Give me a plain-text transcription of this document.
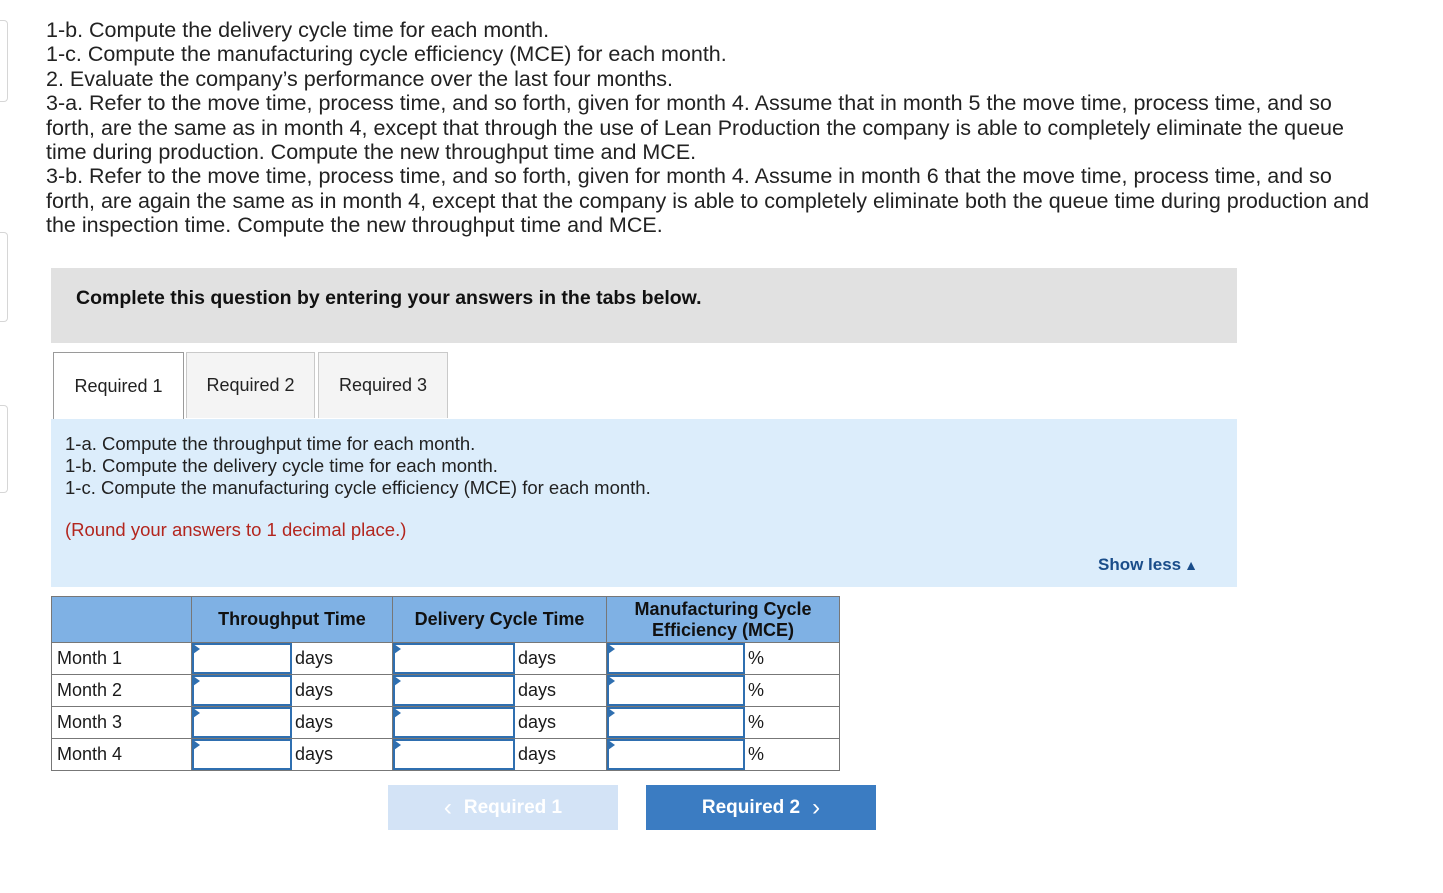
1-b. Compute the delivery cycle time for each month.

1-c. Compute the manufacturing cycle efficiency (MCE) for each month.

2. Evaluate the company’s performance over the last four months.

3-a. Refer to the move time, process time, and so forth, given for month 4. Assume that in month 5 the move time, process time, and so forth, are the same as in month 4, except that through the use of Lean Production the company is able to completely eliminate the queue time during production. Compute the new throughput time and MCE.

3-b. Refer to the move time, process time, and so forth, given for month 4. Assume in month 6 that the move time, process time, and so forth, are again the same as in month 4, except that the company is able to completely eliminate both the queue time during production and the inspection time. Compute the new throughput time and MCE.

Complete this question by entering your answers in the tabs below.
Required 1	Required 2	Required 3
1-a. Compute the throughput time for each month.
1-b. Compute the delivery cycle time for each month.
1-c. Compute the manufacturing cycle efficiency (MCE) for each month.
(Round your answers to 1 decimal place.)
Show less ▲
	Throughput Time	Delivery Cycle Time	Manufacturing Cycle Efficiency (MCE)
Month 1	days	days	%

Month 2	days	days	%

Month 3	days	days	%

Month 4	days	days	%
‹ Required 1	Required 2 ›
